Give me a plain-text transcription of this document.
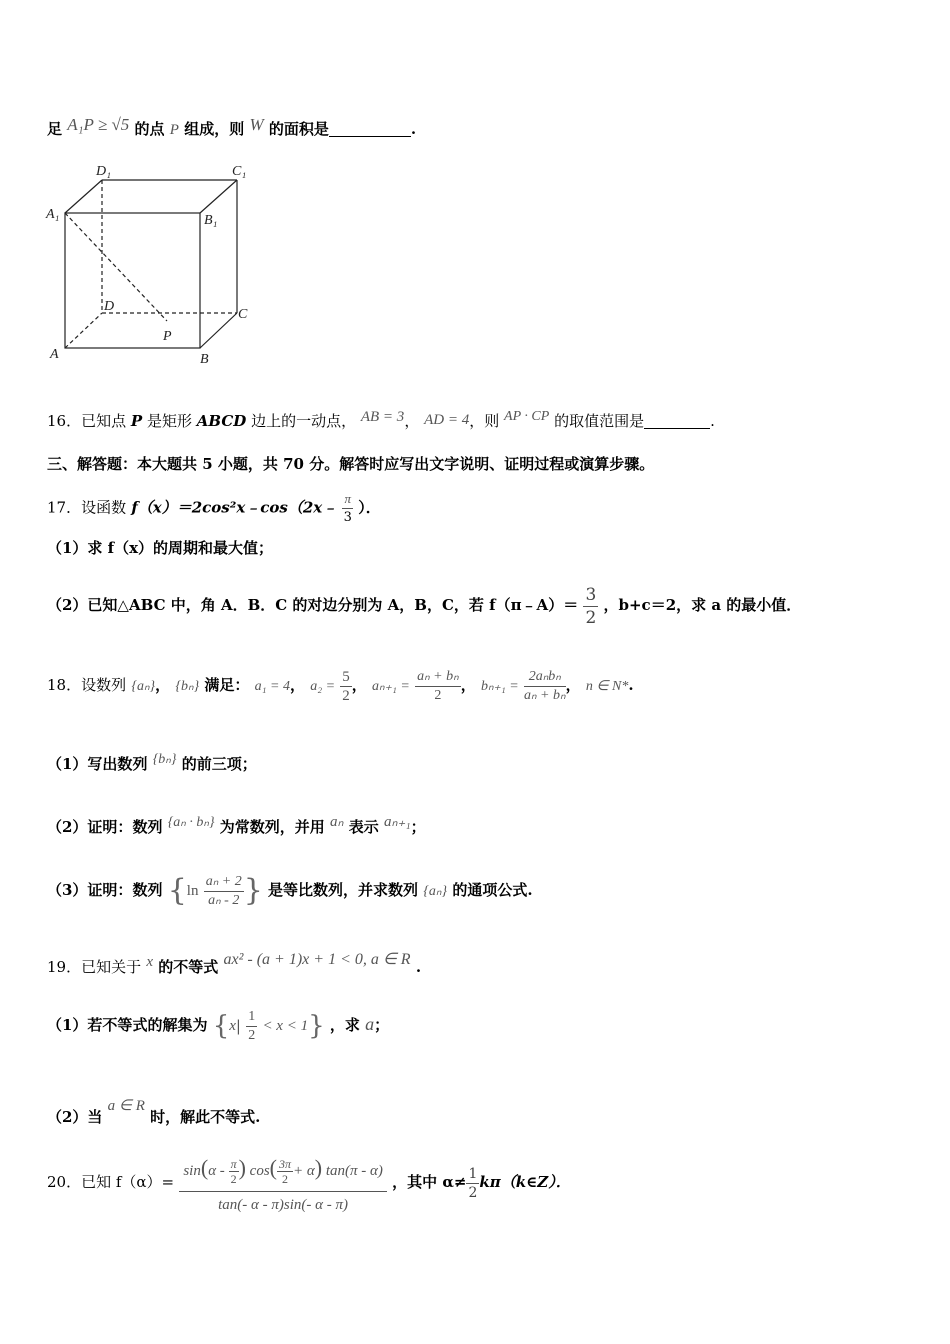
足 A₁P ≥ √5 的点 P 组成，则 W 的面积是	.
D₁	C₁
A₁	B₁
D
C
A	B
P
16．已知点 P 是矩形 ABCD 边上的一动点， AB = 3， AD = 4，则 AP · CP 的取值范围是	.
三、解答题：本大题共 5 小题，共 70 分。解答时应写出文字说明、证明过程或演算步骤。
17．设函数 f（x）＝2cos²x﹣cos（2x﹣ $\frac{\pi}{3}$ ）．
（1）求 f（x）的周期和最大值；
（2）已知△ABC 中，角 A．B．C 的对边分别为 A，B，C，若 f（π﹣A）＝ $\frac{3}{2}$ ，b+c＝2，求 a 的最小值．
18．设数列 {aₙ}， {bₙ} 满足： a₁ = 4， $a_2 = \frac{5}{2}$ ， $a_{n+1} = \frac{\text{aₙ + bₙ}}{2}$ ， $b_{n+1} = \frac{\text{2aₙbₙ}}{\text{aₙ + bₙ}}$ ， n ∈ N*.
（1）写出数列 {bₙ} 的前三项；
（2）证明：数列 {aₙ · bₙ} 为常数列，并用 aₙ 表示 aₙ₊₁；
（3）证明：数列 {$\ln \frac{\text{aₙ + 2}}{\text{aₙ - 2}}$ } 是等比数列，并求数列 {aₙ} 的通项公式.
19．已知关于 x 的不等式 ax² - (a + 1)x + 1 < 0, a ∈ R .
（1）若不等式的解集为 $\{x| \frac{1}{2} < x < 1\}$ ，求 a；
（2）当 a ∈ R 时，解此不等式.
20．已知 $f(\alpha)= \frac{\sin(\alpha - \frac{\pi}{2} ) \cos( \frac{3\pi}{2} + \alpha) \tan(\pi - \alpha)}{\tan(- \alpha - \pi)\sin(- \alpha - \pi)}$ ，其中 $\alpha\ne \frac{1}{2}$ kπ（k∈Z）．
